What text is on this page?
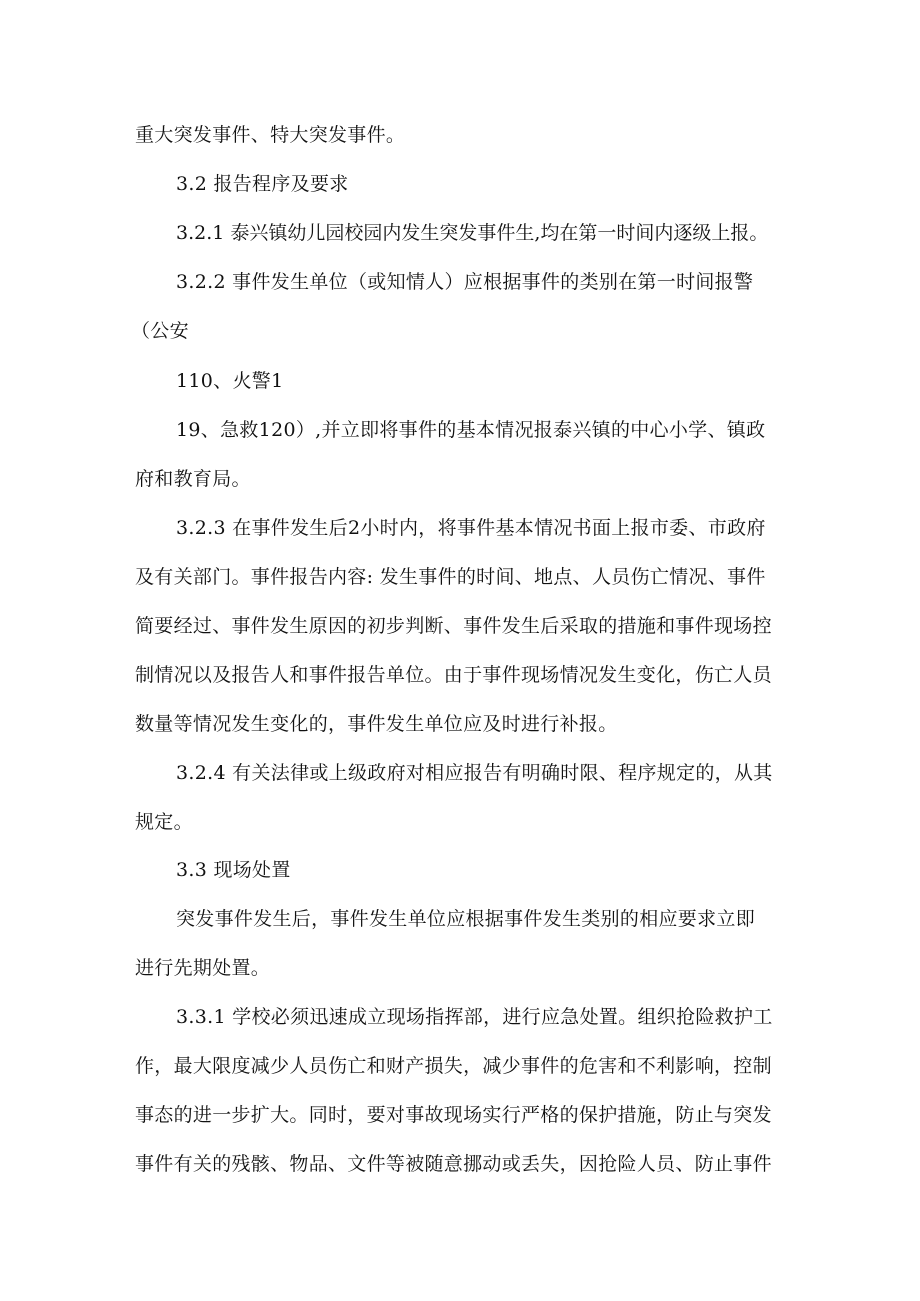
重大突发事件、特大突发事件。
3.2 报告程序及要求
3.2.1 泰兴镇幼儿园校园内发生突发事件生,均在第一时间内逐级上报。
3.2.2 事件发生单位（或知情人）应根据事件的类别在第一时间报警
（公安
110、火警1
19、急救120）,并立即将事件的基本情况报泰兴镇的中心小学、镇政
府和教育局。
3.2.3 在事件发生后2小时内，将事件基本情况书面上报市委、市政府
及有关部门。事件报告内容: 发生事件的时间、地点、人员伤亡情况、事件
简要经过、事件发生原因的初步判断、事件发生后采取的措施和事件现场控
制情况以及报告人和事件报告单位。由于事件现场情况发生变化，伤亡人员
数量等情况发生变化的，事件发生单位应及时进行补报。
3.2.4 有关法律或上级政府对相应报告有明确时限、程序规定的，从其
规定。
3.3 现场处置
突发事件发生后，事件发生单位应根据事件发生类别的相应要求立即
进行先期处置。
3.3.1 学校必须迅速成立现场指挥部，进行应急处置。组织抢险救护工
作，最大限度减少人员伤亡和财产损失，减少事件的危害和不利影响，控制
事态的进一步扩大。同时，要对事故现场实行严格的保护措施，防止与突发
事件有关的残骸、物品、文件等被随意挪动或丢失，因抢险人员、防止事件
